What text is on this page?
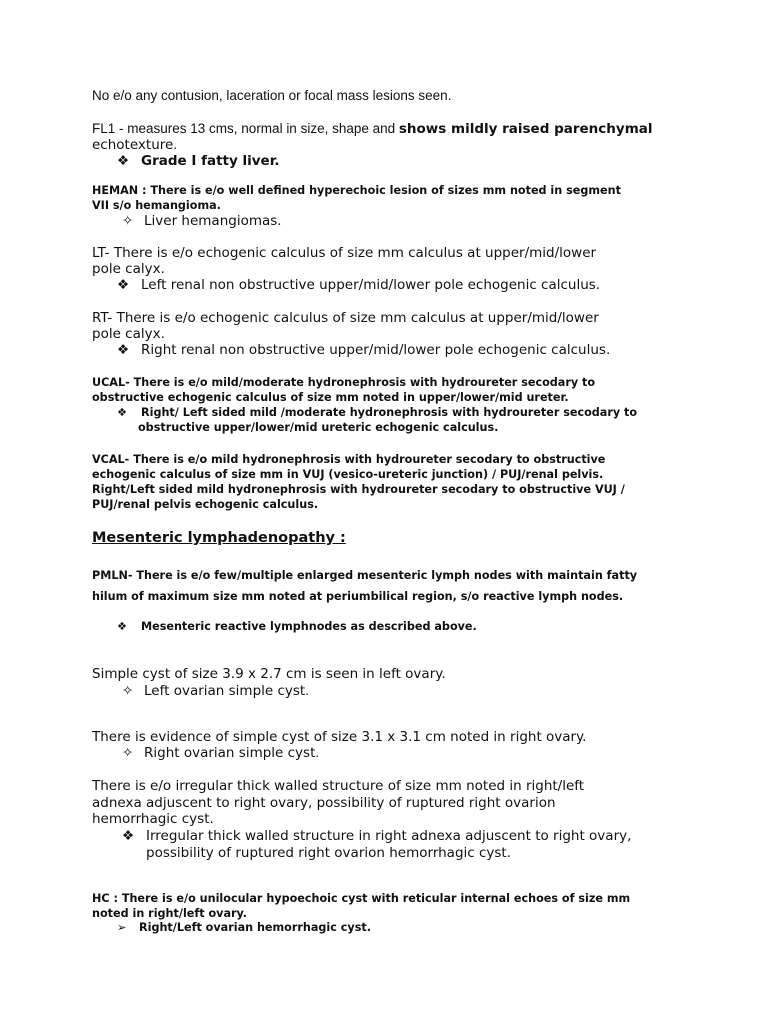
No e/o any contusion, laceration or focal mass lesions seen.
FL1 - measures 13 cms, normal in size, shape and shows mildly raised parenchymal
echotexture.
❖ Grade I fatty liver.
HEMAN : There is e/o well defined hyperechoic lesion of sizes mm noted in segment
VII s/o hemangioma.
✧ Liver hemangiomas.
LT- There is e/o echogenic calculus of size mm calculus at upper/mid/lower
pole calyx.
❖ Left renal non obstructive upper/mid/lower pole echogenic calculus.
RT- There is e/o echogenic calculus of size mm calculus at upper/mid/lower
pole calyx.
❖ Right renal non obstructive upper/mid/lower pole echogenic calculus.
UCAL- There is e/o mild/moderate hydronephrosis with hydroureter secodary to
obstructive echogenic calculus of size mm noted in upper/lower/mid ureter.
❖ Right/ Left sided mild /moderate hydronephrosis with hydroureter secodary to
obstructive upper/lower/mid ureteric echogenic calculus.
VCAL- There is e/o mild hydronephrosis with hydroureter secodary to obstructive
echogenic calculus of size mm in VUJ (vesico-ureteric junction) / PUJ/renal pelvis.
Right/Left sided mild hydronephrosis with hydroureter secodary to obstructive VUJ /
PUJ/renal pelvis echogenic calculus.
Mesenteric lymphadenopathy :
PMLN- There is e/o few/multiple enlarged mesenteric lymph nodes with maintain fatty
hilum of maximum size mm noted at periumbilical region, s/o reactive lymph nodes.
❖ Mesenteric reactive lymphnodes as described above.
Simple cyst of size 3.9 x 2.7 cm is seen in left ovary.
✧ Left ovarian simple cyst.
There is evidence of simple cyst of size 3.1 x 3.1 cm noted in right ovary.
✧ Right ovarian simple cyst.
There is e/o irregular thick walled structure of size mm noted in right/left
adnexa adjuscent to right ovary, possibility of ruptured right ovarion
hemorrhagic cyst.
❖ Irregular thick walled structure in right adnexa adjuscent to right ovary,
possibility of ruptured right ovarion hemorrhagic cyst.
HC : There is e/o unilocular hypoechoic cyst with reticular internal echoes of size mm
noted in right/left ovary.
➢ Right/Left ovarian hemorrhagic cyst.
